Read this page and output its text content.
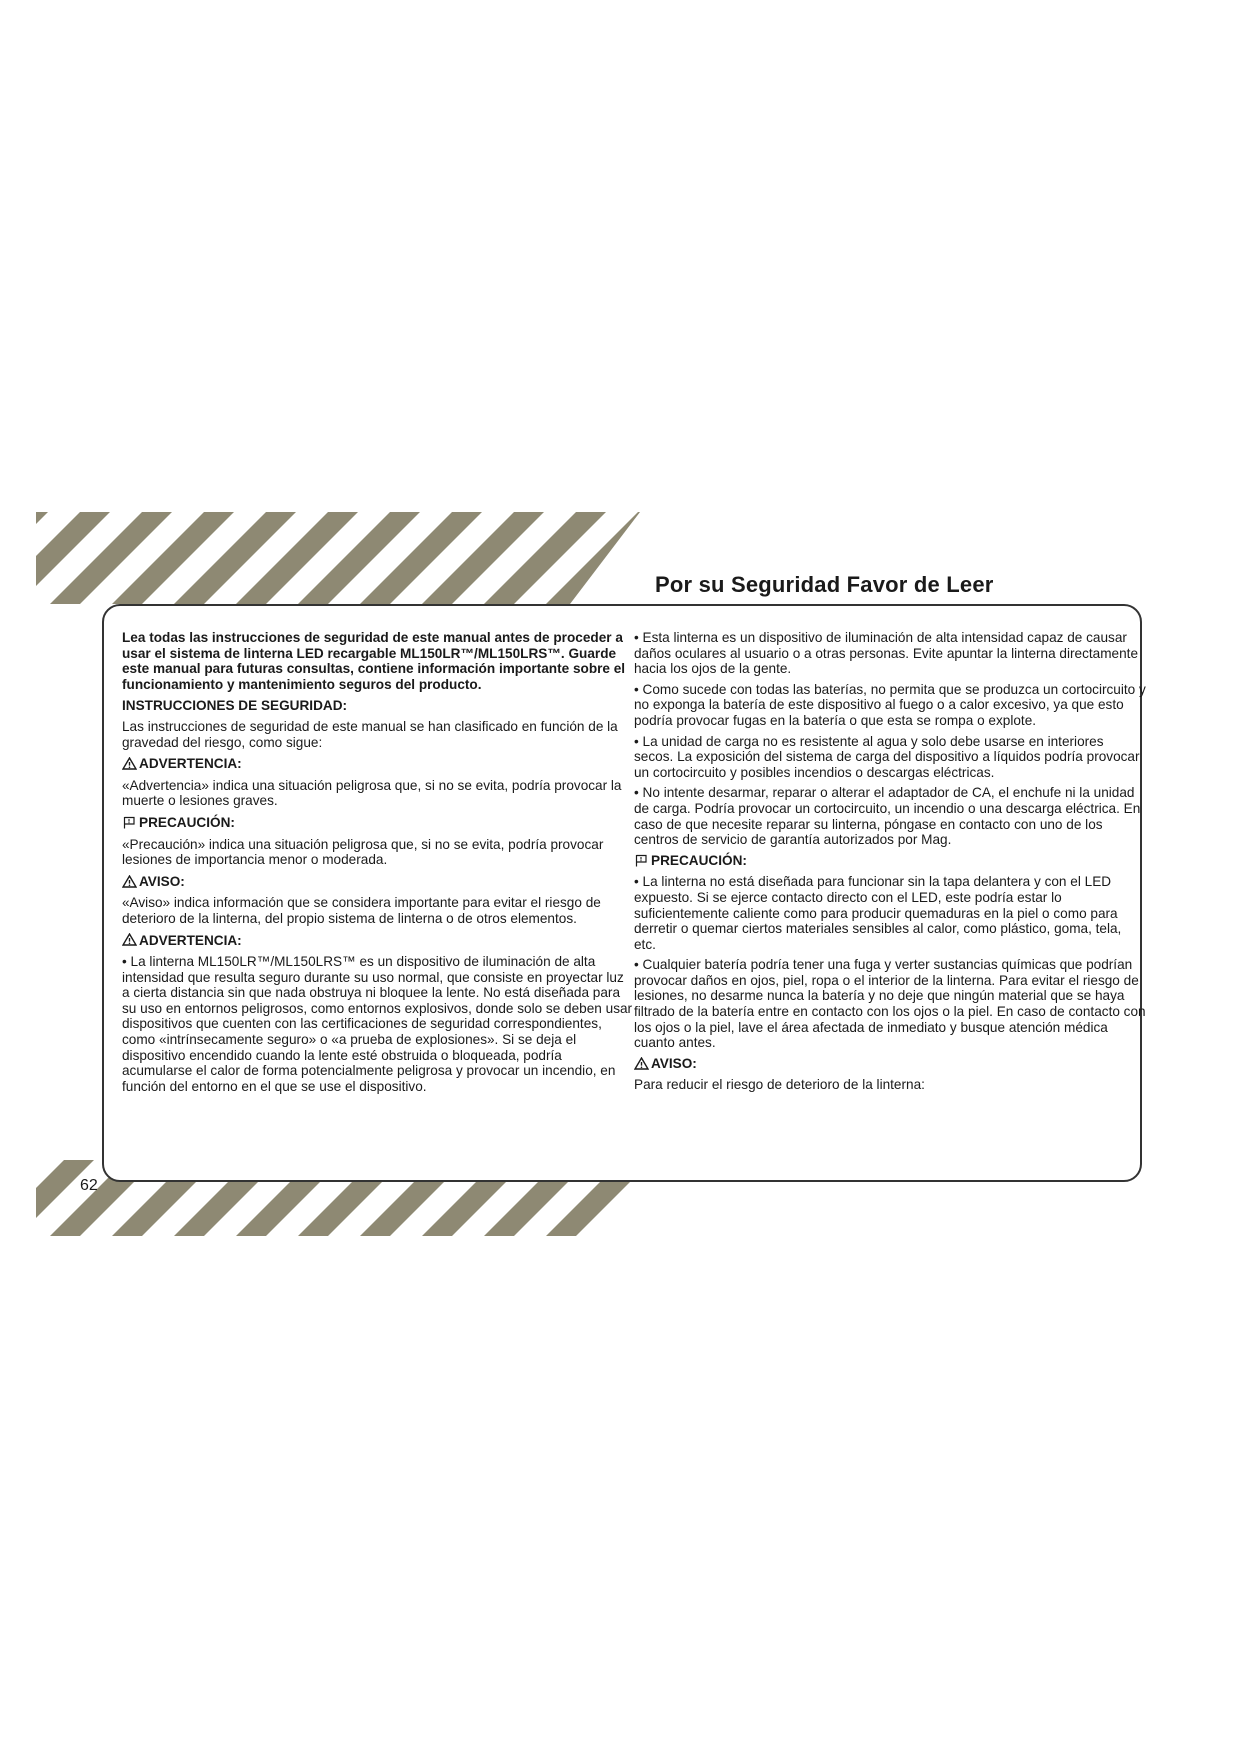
Por su Seguridad Favor de Leer

Lea todas las instrucciones de seguridad de este manual antes de proceder a usar el sistema de linterna LED recargable ML150LR™/ML150LRS™. Guarde este manual para futuras consultas, contiene información importante sobre el funcionamiento y mantenimiento seguros del producto.

INSTRUCCIONES DE SEGURIDAD:

Las instrucciones de seguridad de este manual se han clasificado en función de la gravedad del riesgo, como sigue:

ADVERTENCIA:

«Advertencia» indica una situación peligrosa que, si no se evita, podría provocar la muerte o lesiones graves.

PRECAUCIÓN:

«Precaución» indica una situación peligrosa que, si no se evita, podría provocar lesiones de importancia menor o moderada.

AVISO:

«Aviso» indica información que se considera importante para evitar el riesgo de deterioro de la linterna, del propio sistema de linterna o de otros elementos.

ADVERTENCIA:

• La linterna ML150LR™/ML150LRS™ es un dispositivo de iluminación de alta intensidad que resulta seguro durante su uso normal, que consiste en proyectar luz a cierta distancia sin que nada obstruya ni bloquee la lente. No está diseñada para su uso en entornos peligrosos, como entornos explosivos, donde solo se deben usar dispositivos que cuenten con las certificaciones de seguridad correspondientes, como «intrínsecamente seguro» o «a prueba de explosiones». Si se deja el dispositivo encendido cuando la lente esté obstruida o bloqueada, podría acumularse el calor de forma potencialmente peligrosa y provocar un incendio, en función del entorno en el que se use el dispositivo.

• Esta linterna es un dispositivo de iluminación de alta intensidad capaz de causar daños oculares al usuario o a otras personas. Evite apuntar la linterna directamente hacia los ojos de la gente.

• Como sucede con todas las baterías, no permita que se produzca un cortocircuito y no exponga la batería de este dispositivo al fuego o a calor excesivo, ya que esto podría provocar fugas en la batería o que esta se rompa o explote.

• La unidad de carga no es resistente al agua y solo debe usarse en interiores secos. La exposición del sistema de carga del dispositivo a líquidos podría provocar un cortocircuito y posibles incendios o descargas eléctricas.

• No intente desarmar, reparar o alterar el adaptador de CA, el enchufe ni la unidad de carga. Podría provocar un cortocircuito, un incendio o una descarga eléctrica. En caso de que necesite reparar su linterna, póngase en contacto con uno de los centros de servicio de garantía autorizados por Mag.

PRECAUCIÓN:

• La linterna no está diseñada para funcionar sin la tapa delantera y con el LED expuesto. Si se ejerce contacto directo con el LED, este podría estar lo suficientemente caliente como para producir quemaduras en la piel o como para derretir o quemar ciertos materiales sensibles al calor, como plástico, goma, tela, etc.

• Cualquier batería podría tener una fuga y verter sustancias químicas que podrían provocar daños en ojos, piel, ropa o el interior de la linterna. Para evitar el riesgo de lesiones, no desarme nunca la batería y no deje que ningún material que se haya filtrado de la batería entre en contacto con los ojos o la piel. En caso de contacto con los ojos o la piel, lave el área afectada de inmediato y busque atención médica cuanto antes.

AVISO:

Para reducir el riesgo de deterioro de la linterna:

62
